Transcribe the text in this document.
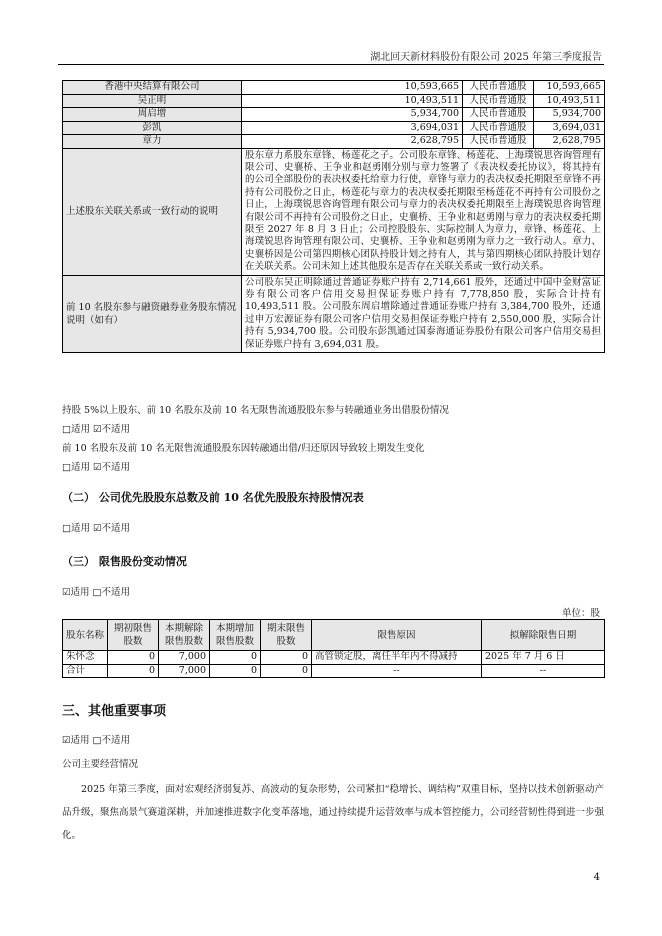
湖北回天新材料股份有限公司 2025 年第三季度报告
香港中央结算有限公司	10,593,665	人民币普通股	10,593,665
吴正明	10,493,511	人民币普通股	10,493,511
周启增	5,934,700	人民币普通股	5,934,700
彭凯	3,694,031	人民币普通股	3,694,031
章力	2,628,795	人民币普通股	2,628,795
上述股东关联关系或一致行动的说明	股东章力系股东章锋、杨莲花之子。公司股东章锋、杨莲花、上海璞锐思咨询管理有限公司、史襄桥、王争业和赵勇刚分别与章力签署了《表决权委托协议》，将其持有的公司全部股份的表决权委托给章力行使，章锋与章力的表决权委托期限至章锋不再持有公司股份之日止，杨莲花与章力的表决权委托期限至杨莲花不再持有公司股份之日止，上海璞锐思咨询管理有限公司与章力的表决权委托期限至上海璞锐思咨询管理有限公司不再持有公司股份之日止，史襄桥、王争业和赵勇刚与章力的表决权委托期限至 2027 年 8 月 3 日止；公司控股股东、实际控制人为章力，章锋、杨莲花、上海璞锐思咨询管理有限公司、史襄桥、王争业和赵勇刚为章力之一致行动人。章力、史襄桥因是公司第四期核心团队持股计划之持有人，其与第四期核心团队持股计划存在关联关系。公司未知上述其他股东是否存在关联关系或一致行动关系。		
前 10 名股东参与融资融券业务股东情况说明（如有）	公司股东吴正明除通过普通证券账户持有 2,714,661 股外，还通过中国中金财富证券有限公司客户信用交易担保证券账户持有 7,778,850 股，实际合计持有 10,493,511 股。公司股东周启增除通过普通证券账户持有 3,384,700 股外，还通过申万宏源证券有限公司客户信用交易担保证券账户持有 2,550,000 股，实际合计持有 5,934,700 股。公司股东彭凯通过国泰海通证券股份有限公司客户信用交易担保证券账户持有 3,694,031 股。		
持股 5%以上股东、前 10 名股东及前 10 名无限售流通股股东参与转融通业务出借股份情况
□适用 ☑不适用
前 10 名股东及前 10 名无限售流通股股东因转融通出借/归还原因导致较上期发生变化
□适用 ☑不适用
（二） 公司优先股股东总数及前 10 名优先股股东持股情况表
□适用 ☑不适用
（三） 限售股份变动情况
☑适用 □不适用
单位：股
股东名称	期初限售股数	本期解除限售股数	本期增加限售股数	期末限售股数	限售原因	拟解除限售日期
朱怀念	0	7,000	0	0	高管锁定股，离任半年内不得减持	2025 年 7 月 6 日
合计	0	7,000	0	0	--	--
三、其他重要事项
☑适用 □不适用
公司主要经营情况
2025 年第三季度，面对宏观经济弱复苏、高波动的复杂形势，公司紧扣“稳增长、调结构”双重目标，坚持以技术创新驱动产品升级，聚焦高景气赛道深耕，并加速推进数字化变革落地，通过持续提升运营效率与成本管控能力，公司经营韧性得到进一步强化。
4
